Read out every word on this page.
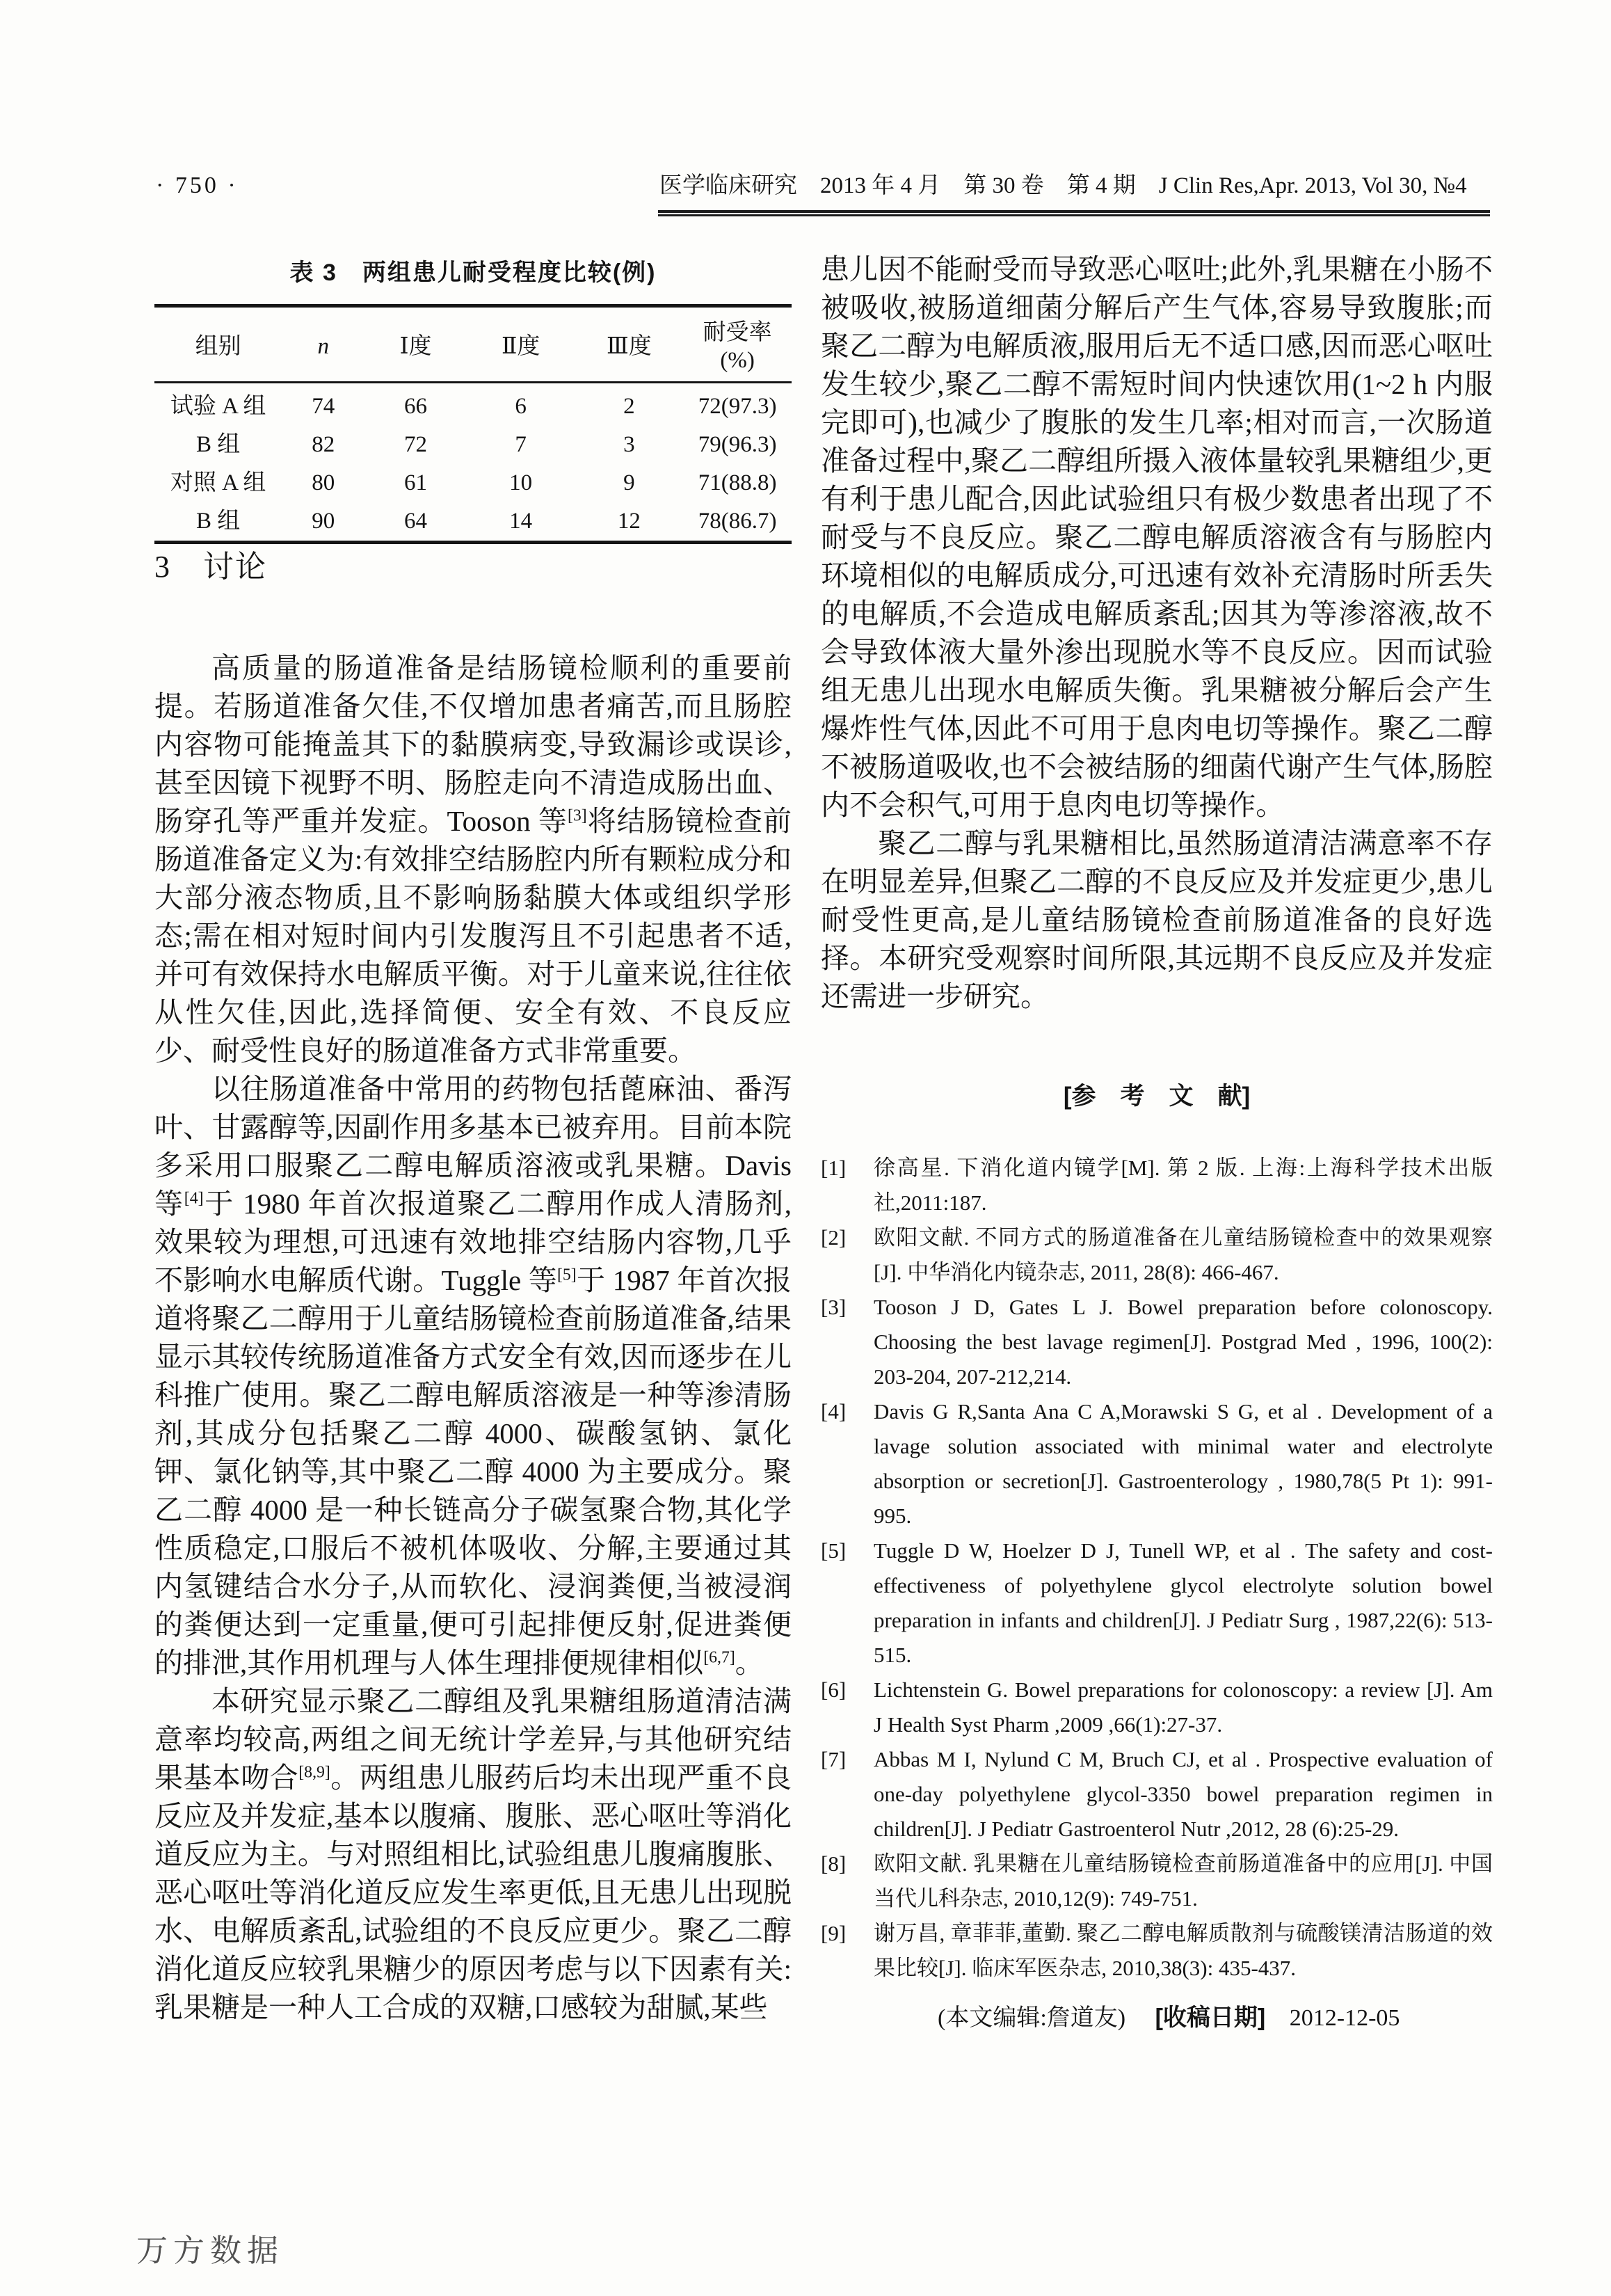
· 750 ·	医学临床研究　2013 年 4 月　第 30 卷　第 4 期　J Clin Res,Apr. 2013, Vol 30, №4
表 3　两组患儿耐受程度比较(例)
组别	n	Ⅰ度	Ⅱ度	Ⅲ度	耐受率 (%)
试验 A 组	74	66	6	2	72(97.3)
B 组	82	72	7	3	79(96.3)
对照 A 组	80	61	10	9	71(88.8)
B 组	90	64	14	12	78(86.7)
3 讨论

高质量的肠道准备是结肠镜检顺利的重要前提。若肠道准备欠佳,不仅增加患者痛苦,而且肠腔内容物可能掩盖其下的黏膜病变,导致漏诊或误诊,甚至因镜下视野不明、肠腔走向不清造成肠出血、肠穿孔等严重并发症。Tooson 等[3]将结肠镜检查前肠道准备定义为:有效排空结肠腔内所有颗粒成分和大部分液态物质,且不影响肠黏膜大体或组织学形态;需在相对短时间内引发腹泻且不引起患者不适,并可有效保持水电解质平衡。对于儿童来说,往往依从性欠佳,因此,选择简便、安全有效、不良反应少、耐受性良好的肠道准备方式非常重要。

以往肠道准备中常用的药物包括蓖麻油、番泻叶、甘露醇等,因副作用多基本已被弃用。目前本院多采用口服聚乙二醇电解质溶液或乳果糖。Davis 等[4]于 1980 年首次报道聚乙二醇用作成人清肠剂,效果较为理想,可迅速有效地排空结肠内容物,几乎不影响水电解质代谢。Tuggle 等[5]于 1987 年首次报道将聚乙二醇用于儿童结肠镜检查前肠道准备,结果显示其较传统肠道准备方式安全有效,因而逐步在儿科推广使用。聚乙二醇电解质溶液是一种等渗清肠剂,其成分包括聚乙二醇 4000、碳酸氢钠、氯化钾、氯化钠等,其中聚乙二醇 4000 为主要成分。聚乙二醇 4000 是一种长链高分子碳氢聚合物,其化学性质稳定,口服后不被机体吸收、分解,主要通过其内氢键结合水分子,从而软化、浸润粪便,当被浸润的粪便达到一定重量,便可引起排便反射,促进粪便的排泄,其作用机理与人体生理排便规律相似[6,7]。

本研究显示聚乙二醇组及乳果糖组肠道清洁满意率均较高,两组之间无统计学差异,与其他研究结果基本吻合[8,9]。两组患儿服药后均未出现严重不良反应及并发症,基本以腹痛、腹胀、恶心呕吐等消化道反应为主。与对照组相比,试验组患儿腹痛腹胀、恶心呕吐等消化道反应发生率更低,且无患儿出现脱水、电解质紊乱,试验组的不良反应更少。聚乙二醇消化道反应较乳果糖少的原因考虑与以下因素有关:乳果糖是一种人工合成的双糖,口感较为甜腻,某些

患儿因不能耐受而导致恶心呕吐;此外,乳果糖在小肠不被吸收,被肠道细菌分解后产生气体,容易导致腹胀;而聚乙二醇为电解质液,服用后无不适口感,因而恶心呕吐发生较少,聚乙二醇不需短时间内快速饮用(1~2 h 内服完即可),也减少了腹胀的发生几率;相对而言,一次肠道准备过程中,聚乙二醇组所摄入液体量较乳果糖组少,更有利于患儿配合,因此试验组只有极少数患者出现了不耐受与不良反应。聚乙二醇电解质溶液含有与肠腔内环境相似的电解质成分,可迅速有效补充清肠时所丢失的电解质,不会造成电解质紊乱;因其为等渗溶液,故不会导致体液大量外渗出现脱水等不良反应。因而试验组无患儿出现水电解质失衡。乳果糖被分解后会产生爆炸性气体,因此不可用于息肉电切等操作。聚乙二醇不被肠道吸收,也不会被结肠的细菌代谢产生气体,肠腔内不会积气,可用于息肉电切等操作。

聚乙二醇与乳果糖相比,虽然肠道清洁满意率不存在明显差异,但聚乙二醇的不良反应及并发症更少,患儿耐受性更高,是儿童结肠镜检查前肠道准备的良好选择。本研究受观察时间所限,其远期不良反应及并发症还需进一步研究。

[参　考　文　献]
[1]	徐高星. 下消化道内镜学[M]. 第 2 版. 上海:上海科学技术出版社,2011:187.
[2]	欧阳文献. 不同方式的肠道准备在儿童结肠镜检查中的效果观察[J]. 中华消化内镜杂志, 2011, 28(8): 466-467.
[3]	Tooson J D, Gates L J. Bowel preparation before colonoscopy. Choosing the best lavage regimen[J]. Postgrad Med , 1996, 100(2): 203-204, 207-212,214.
[4]	Davis G R,Santa Ana C A,Morawski S G, et al . Development of a lavage solution associated with minimal water and electrolyte absorption or secretion[J]. Gastroenterology , 1980,78(5 Pt 1): 991-995.
[5]	Tuggle D W, Hoelzer D J, Tunell WP, et al . The safety and cost-effectiveness of polyethylene glycol electrolyte solution bowel preparation in infants and children[J]. J Pediatr Surg , 1987,22(6): 513-515.
[6]	Lichtenstein G. Bowel preparations for colonoscopy: a review [J]. Am J Health Syst Pharm ,2009 ,66(1):27-37.
[7]	Abbas M I, Nylund C M, Bruch CJ, et al . Prospective evaluation of one-day polyethylene glycol-3350 bowel preparation regimen in children[J]. J Pediatr Gastroenterol Nutr ,2012, 28 (6):25-29.
[8]	欧阳文献. 乳果糖在儿童结肠镜检查前肠道准备中的应用[J]. 中国当代儿科杂志, 2010,12(9): 749-751.
[9]	谢万昌, 章菲菲,董勤. 聚乙二醇电解质散剂与硫酸镁清洁肠道的效果比较[J]. 临床军医杂志, 2010,38(3): 435-437.
(本文编辑:詹道友) [收稿日期] 2012-12-05
万方数据
